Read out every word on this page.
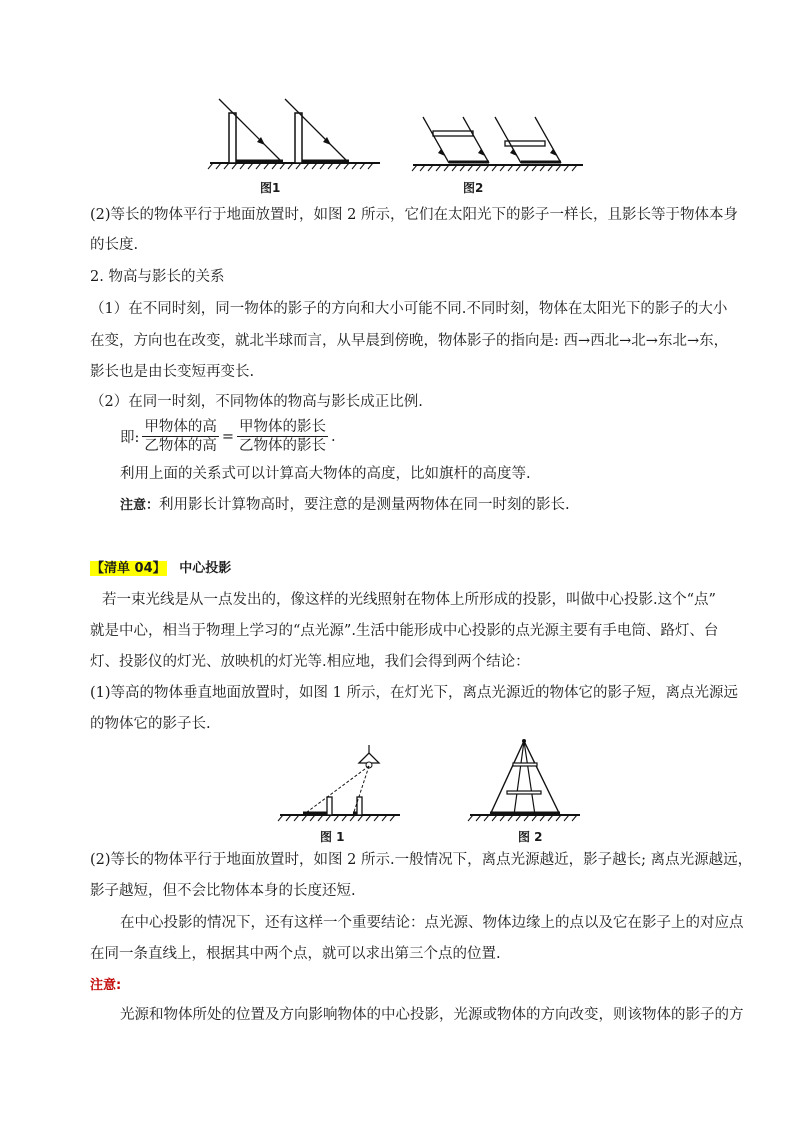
图1	图2
(2)等长的物体平行于地面放置时，如图 2 所示，它们在太阳光下的影子一样长，且影长等于物体本身
的长度.
2. 物高与影长的关系
（1）在不同时刻，同一物体的影子的方向和大小可能不同.不同时刻，物体在太阳光下的影子的大小
在变，方向也在改变，就北半球而言，从早晨到傍晚，物体影子的指向是: 西→西北→北→东北→东，
影长也是由长变短再变长.
（2）在同一时刻，不同物体的物高与影长成正比例.
即: $\frac{\text{甲物体的高}}{\text{乙物体的高}} = \frac{\text{甲物体的影长}}{\text{乙物体的影长}}$ .
利用上面的关系式可以计算高大物体的高度，比如旗杆的高度等.
注意：利用影长计算物高时，要注意的是测量两物体在同一时刻的影长.
【清单 04】 中心投影
若一束光线是从一点发出的，像这样的光线照射在物体上所形成的投影，叫做中心投影.这个“点”
就是中心，相当于物理上学习的“点光源”.生活中能形成中心投影的点光源主要有手电筒、路灯、台
灯、投影仪的灯光、放映机的灯光等.相应地，我们会得到两个结论：
(1)等高的物体垂直地面放置时，如图 1 所示，在灯光下，离点光源近的物体它的影子短，离点光源远
的物体它的影子长.
图 1	图 2
(2)等长的物体平行于地面放置时，如图 2 所示.一般情况下，离点光源越近，影子越长; 离点光源越远，
影子越短，但不会比物体本身的长度还短.
在中心投影的情况下，还有这样一个重要结论：点光源、物体边缘上的点以及它在影子上的对应点
在同一条直线上，根据其中两个点，就可以求出第三个点的位置.
注意:
光源和物体所处的位置及方向影响物体的中心投影，光源或物体的方向改变，则该物体的影子的方
